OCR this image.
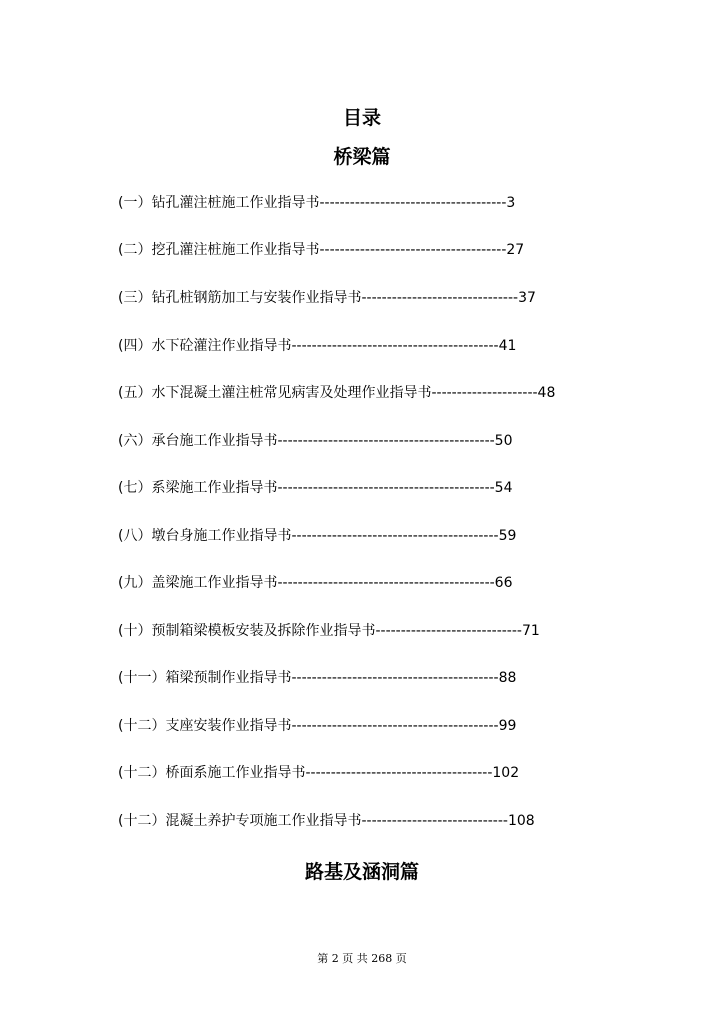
目录
桥梁篇
(一）钻孔灌注桩施工作业指导书-------------------------------------3
(二）挖孔灌注桩施工作业指导书-------------------------------------27
(三）钻孔桩钢筋加工与安装作业指导书-------------------------------37
(四）水下砼灌注作业指导书-----------------------------------------41
(五）水下混凝土灌注桩常见病害及处理作业指导书---------------------48
(六）承台施工作业指导书-------------------------------------------50
(七）系梁施工作业指导书-------------------------------------------54
(八）墩台身施工作业指导书-----------------------------------------59
(九）盖梁施工作业指导书-------------------------------------------66
(十）预制箱梁模板安装及拆除作业指导书-----------------------------71
(十一）箱梁预制作业指导书-----------------------------------------88
(十二）支座安装作业指导书-----------------------------------------99
(十二）桥面系施工作业指导书-------------------------------------102
(十二）混凝土养护专项施工作业指导书-----------------------------108
路基及涵洞篇
第 2 页 共 268 页
